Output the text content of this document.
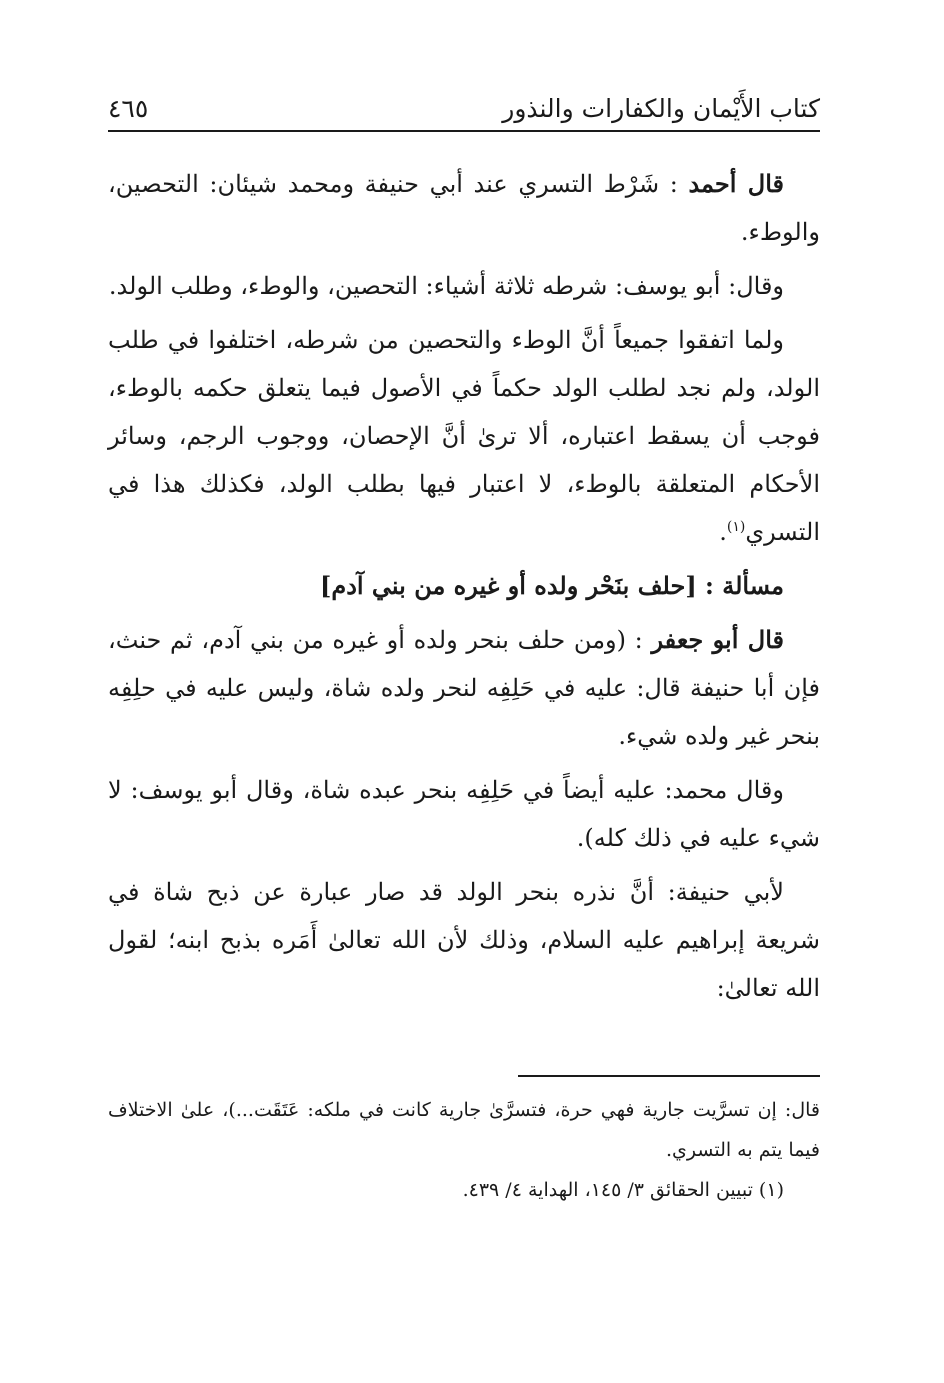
كتاب الأَيْمان والكفارات والنذور
٤٦٥

قال أحمد : شَرْط التسري عند أبي حنيفة ومحمد شيئان: التحصين، والوطء.

وقال: أبو يوسف: شرطه ثلاثة أشياء: التحصين، والوطء، وطلب الولد.

ولما اتفقوا جميعاً أنَّ الوطء والتحصين من شرطه، اختلفوا في طلب الولد، ولم نجد لطلب الولد حكماً في الأصول فيما يتعلق حكمه بالوطء، فوجب أن يسقط اعتباره، ألا ترىٰ أنَّ الإحصان، ووجوب الرجم، وسائر الأحكام المتعلقة بالوطء، لا اعتبار فيها بطلب الولد، فكذلك هذا في التسري$^{(١)}$.

مسألة : [حلف بنَحْر ولده أو غيره من بني آدم]

قال أبو جعفر : (ومن حلف بنحر ولده أو غيره من بني آدم، ثم حنث، فإن أبا حنيفة قال: عليه في حَلِفِه لنحر ولده شاة، وليس عليه في حلِفِه بنحر غير ولده شيء.

وقال محمد: عليه أيضاً في حَلِفِه بنحر عبده شاة، وقال أبو يوسف: لا شيء عليه في ذلك كله).

لأبي حنيفة: أنَّ نذره بنحر الولد قد صار عبارة عن ذبح شاة في شريعة إبراهيم عليه السلام، وذلك لأن الله تعالىٰ أَمَره بذبح ابنه؛ لقول الله تعالىٰ:

قال: إن تسرَّيت جارية فهي حرة، فتسرَّىٰ جارية كانت في ملكه: عَتَقَت...)، علىٰ الاختلاف فيما يتم به التسري.

(١) تبيين الحقائق ٣/ ١٤٥، الهداية ٤/ ٤٣٩.
